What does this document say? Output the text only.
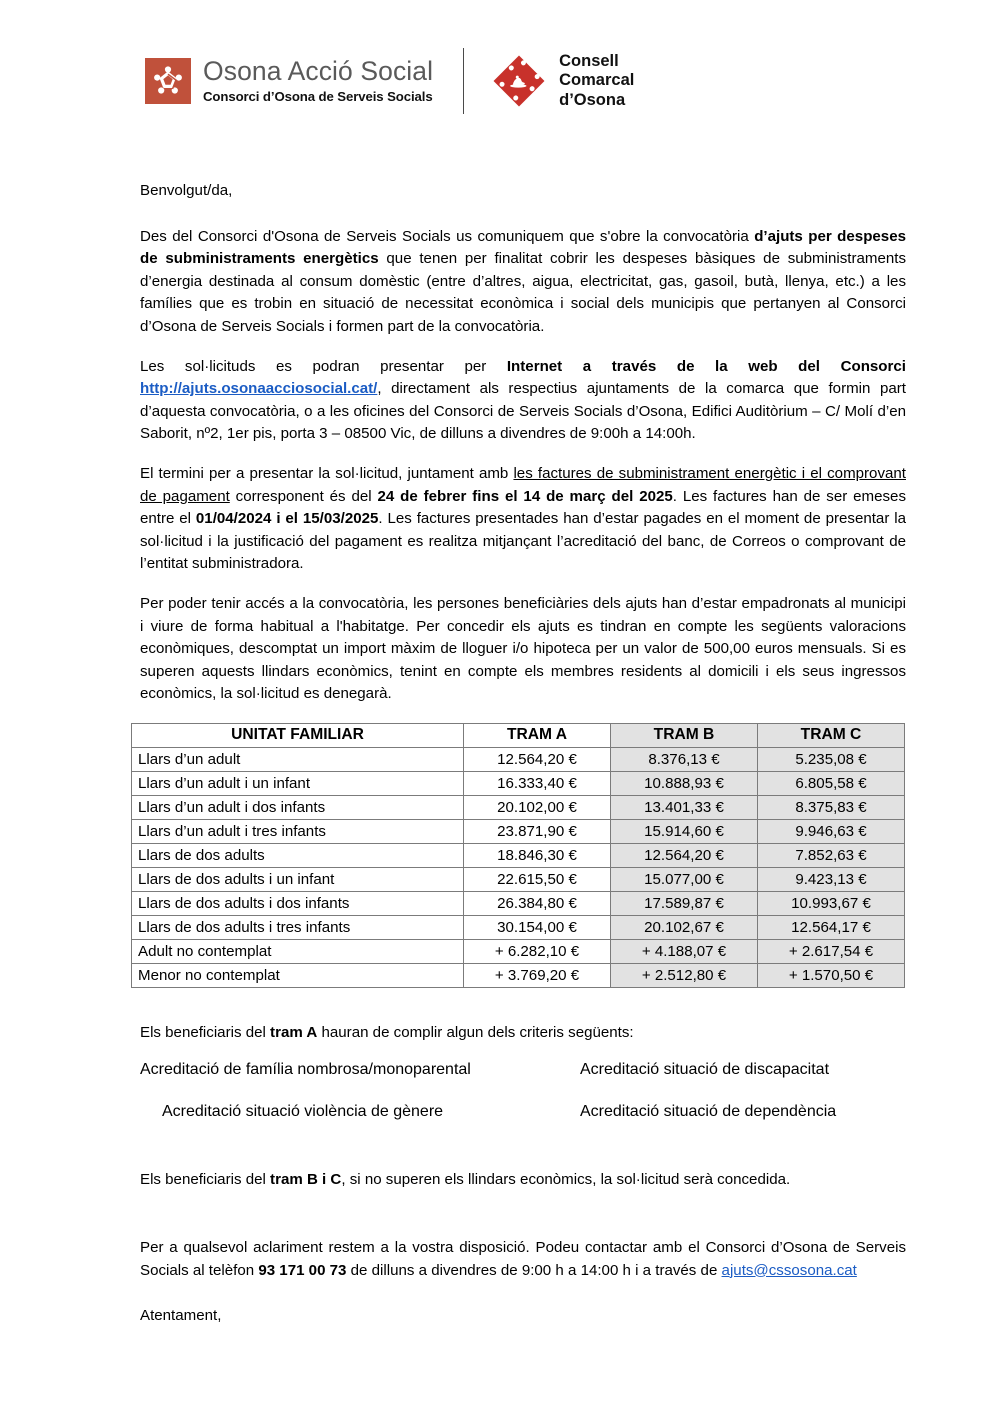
Osona Acció Social
Consorci d’Osona de Serveis Socials
Consell
Comarcal
d’Osona

Benvolgut/da,

Des del Consorci d'Osona de Serveis Socials us comuniquem que s'obre la convocatòria d’ajuts per despeses de subministraments energètics que tenen per finalitat cobrir les despeses bàsiques de subministraments d’energia destinada al consum domèstic (entre d’altres, aigua, electricitat, gas, gasoil, butà, llenya, etc.) a les famílies que es trobin en situació de necessitat econòmica i social dels municipis que pertanyen al Consorci d’Osona de Serveis Socials i formen part de la convocatòria.

Les sol·licituds es podran presentar per Internet a través de la web del Consorci http://ajuts.osonaacciosocial.cat/, directament als respectius ajuntaments de la comarca que formin part d’aquesta convocatòria, o a les oficines del Consorci de Serveis Socials d’Osona, Edifici Auditòrium – C/ Molí d’en Saborit, nº2, 1er pis, porta 3 – 08500 Vic, de dilluns a divendres de 9:00h a 14:00h.

El termini per a presentar la sol·licitud, juntament amb les factures de subministrament energètic i el comprovant de pagament corresponent és del 24 de febrer fins el 14 de març del 2025. Les factures han de ser emeses entre el 01/04/2024 i el 15/03/2025. Les factures presentades han d’estar pagades en el moment de presentar la sol·licitud i la justificació del pagament es realitza mitjançant l’acreditació del banc, de Correos o comprovant de l’entitat subministradora.

Per poder tenir accés a la convocatòria, les persones beneficiàries dels ajuts han d’estar empadronats al municipi i viure de forma habitual a l'habitatge. Per concedir els ajuts es tindran en compte les següents valoracions econòmiques, descomptat un import màxim de lloguer i/o hipoteca per un valor de 500,00 euros mensuals. Si es superen aquests llindars econòmics, tenint en compte els membres residents al domicili i els seus ingressos econòmics, la sol·licitud es denegarà.

UNITAT FAMILIAR	TRAM A	TRAM B	TRAM C
Llars d’un adult	12.564,20 €	8.376,13 €	5.235,08 €
Llars d’un adult i un infant	16.333,40 €	10.888,93 €	6.805,58 €
Llars d’un adult i dos infants	20.102,00 €	13.401,33 €	8.375,83 €
Llars d’un adult i tres infants	23.871,90 €	15.914,60 €	9.946,63 €
Llars de dos adults	18.846,30 €	12.564,20 €	7.852,63 €
Llars de dos adults i un infant	22.615,50 €	15.077,00 €	9.423,13 €
Llars de dos adults i dos infants	26.384,80 €	17.589,87 €	10.993,67 €
Llars de dos adults i tres infants	30.154,00 €	20.102,67 €	12.564,17 €
Adult no contemplat	+ 6.282,10 €	+ 4.188,07 €	+ 2.617,54 €
Menor no contemplat	+ 3.769,20 €	+ 2.512,80 €	+ 1.570,50 €

Els beneficiaris del tram A hauran de complir algun dels criteris següents:

Acreditació de família nombrosa/monoparental	Acreditació situació de discapacitat
Acreditació situació violència de gènere	Acreditació situació de dependència

Els beneficiaris del tram B i C, si no superen els llindars econòmics, la sol·licitud serà concedida.

Per a qualsevol aclariment restem a la vostra disposició. Podeu contactar amb el Consorci d’Osona de Serveis Socials al telèfon 93 171 00 73 de dilluns a divendres de 9:00 h a 14:00 h i a través de ajuts@cssosona.cat

Atentament,
